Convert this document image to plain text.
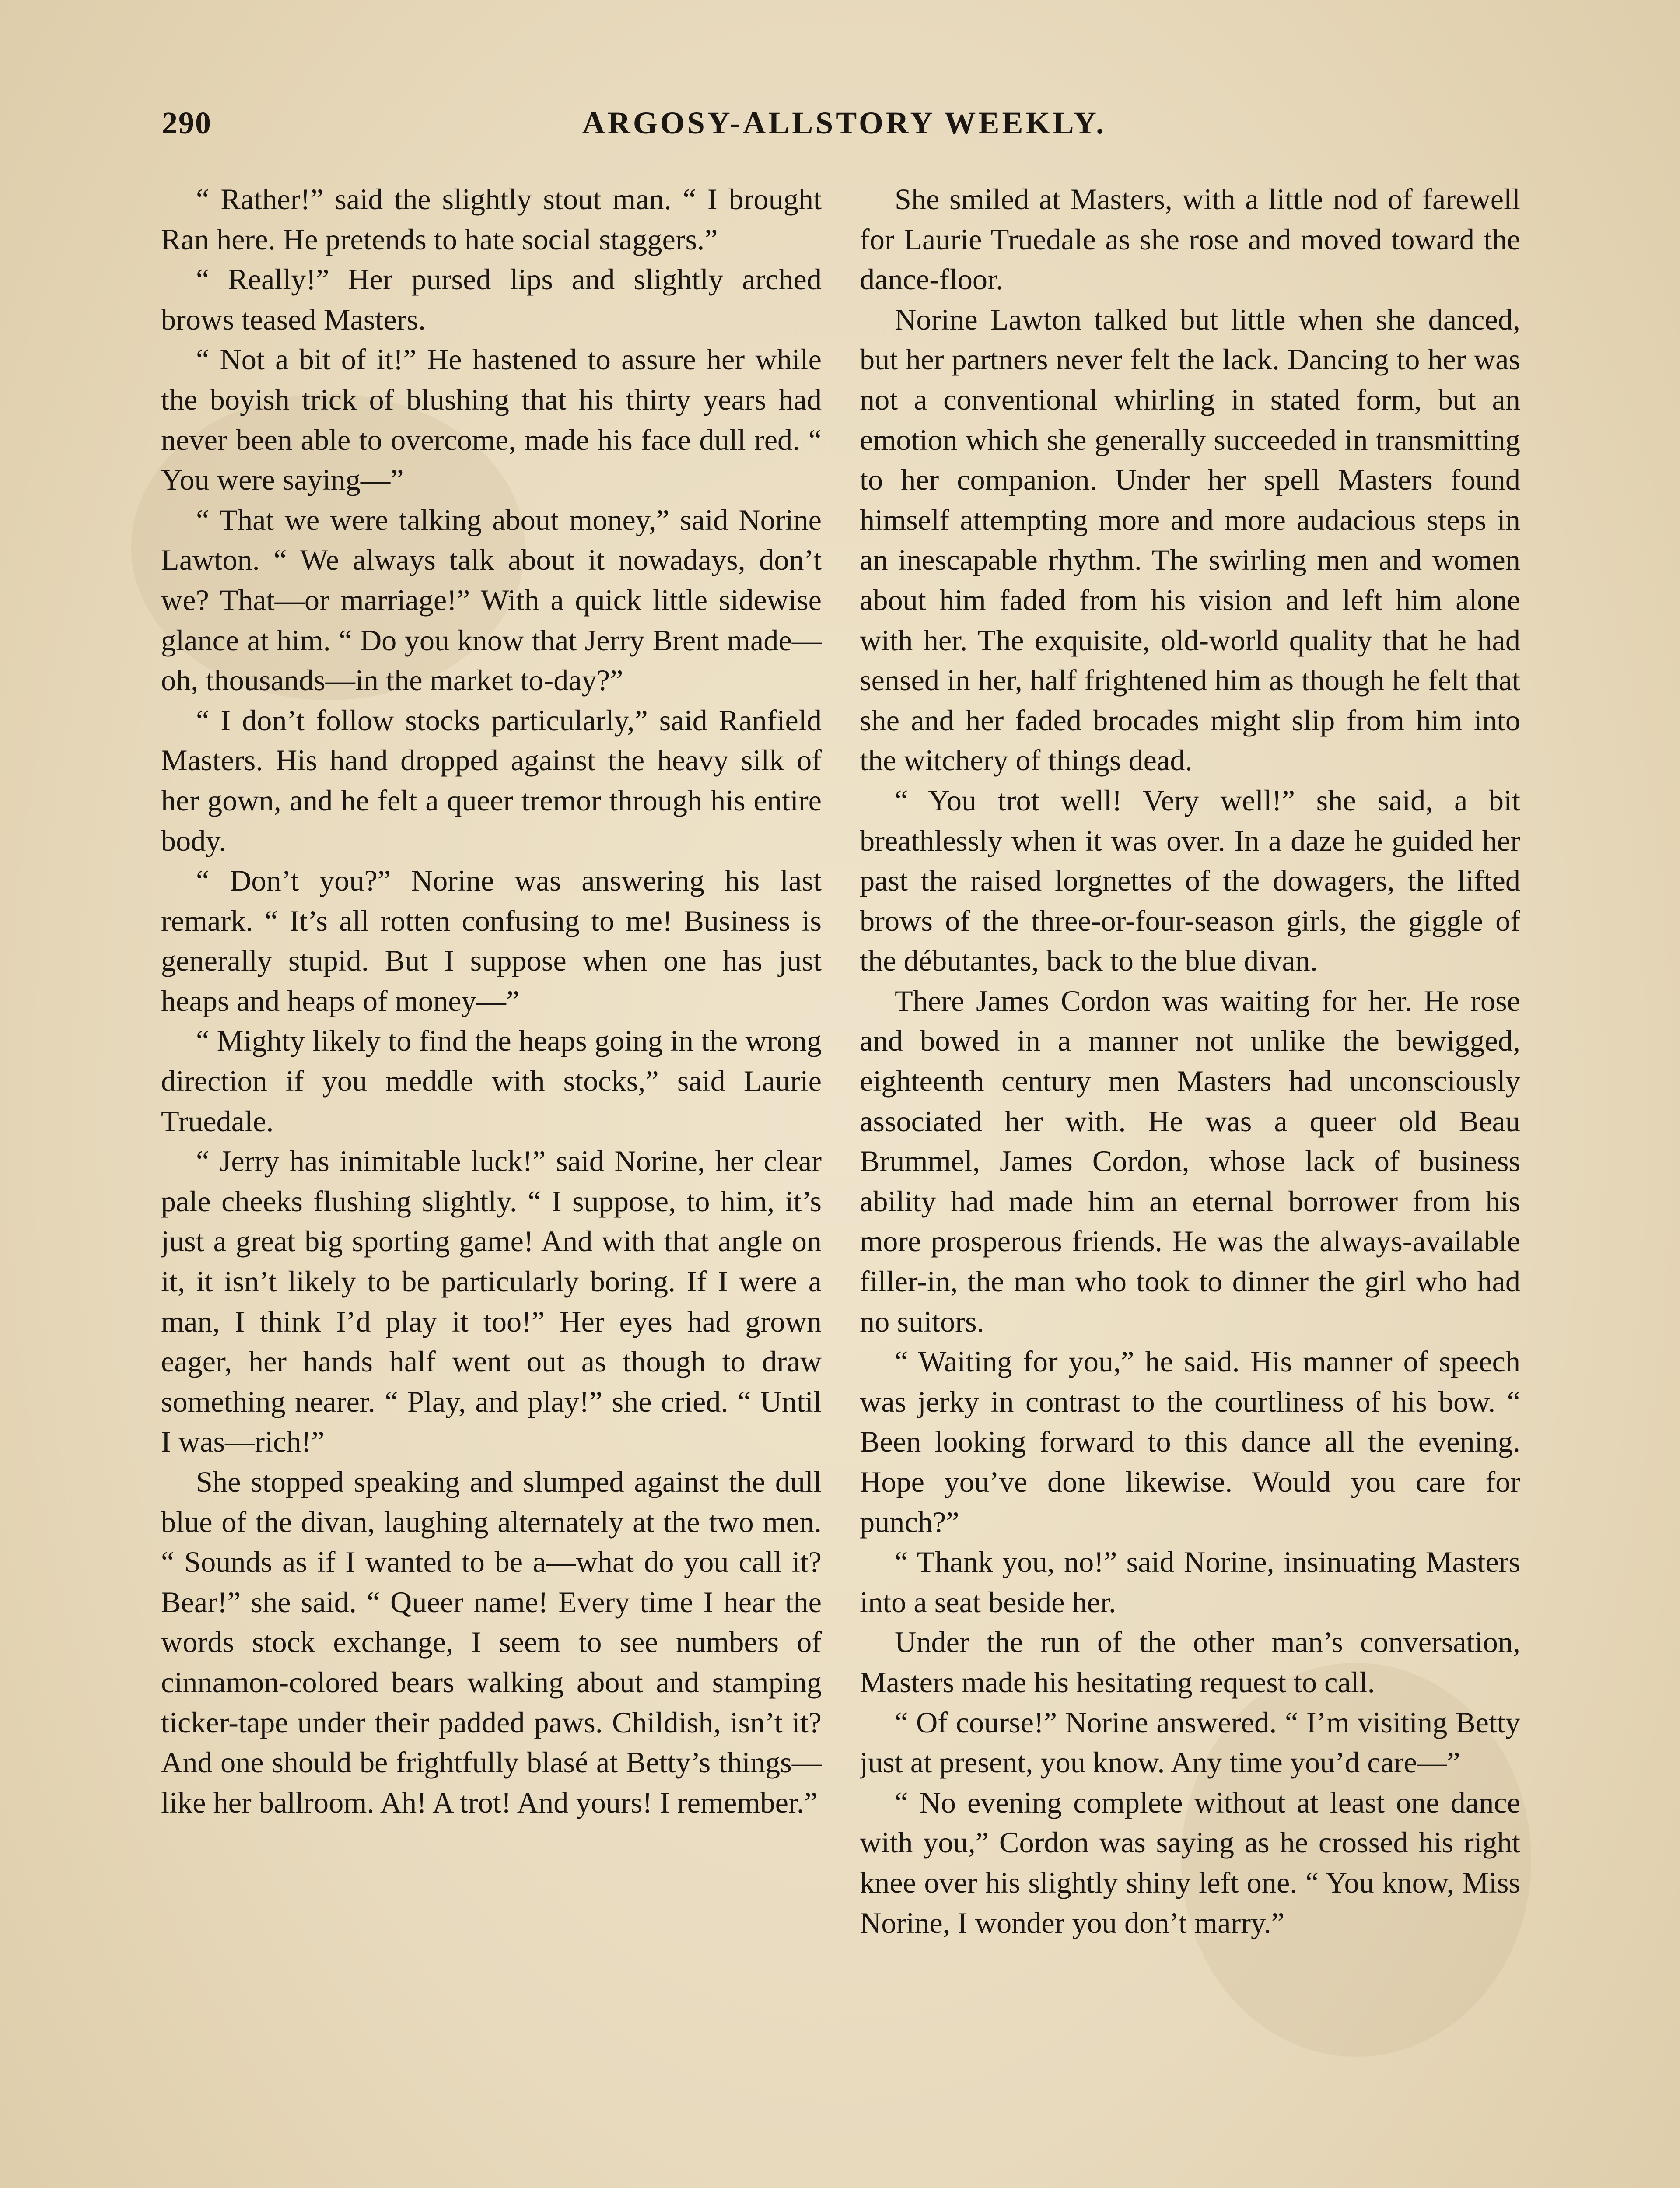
290	ARGOSY-ALLSTORY WEEKLY.

“ Rather!” said the slightly stout man. “ I brought Ran here. He pretends to hate social staggers.”

“ Really!” Her pursed lips and slightly arched brows teased Masters.

“ Not a bit of it!” He hastened to assure her while the boyish trick of blushing that his thirty years had never been able to overcome, made his face dull red. “ You were saying—”

“ That we were talking about money,” said Norine Lawton. “ We always talk about it nowadays, don’t we? That—or marriage!” With a quick little sidewise glance at him. “ Do you know that Jerry Brent made—oh, thousands—in the market to-day?”

“ I don’t follow stocks particularly,” said Ranfield Masters. His hand dropped against the heavy silk of her gown, and he felt a queer tremor through his entire body.

“ Don’t you?” Norine was answering his last remark. “ It’s all rotten confusing to me! Business is generally stupid. But I suppose when one has just heaps and heaps of money—”

“ Mighty likely to find the heaps going in the wrong direction if you meddle with stocks,” said Laurie Truedale.

“ Jerry has inimitable luck!” said Norine, her clear pale cheeks flushing slightly. “ I suppose, to him, it’s just a great big sporting game! And with that angle on it, it isn’t likely to be particularly boring. If I were a man, I think I’d play it too!” Her eyes had grown eager, her hands half went out as though to draw something nearer. “ Play, and play!” she cried. “ Until I was—rich!”

She stopped speaking and slumped against the dull blue of the divan, laughing alternately at the two men. “ Sounds as if I wanted to be a—what do you call it? Bear!” she said. “ Queer name! Every time I hear the words stock exchange, I seem to see numbers of cinnamon-colored bears walking about and stamping ticker-tape under their padded paws. Childish, isn’t it? And one should be frightfully blasé at Betty’s things—like her ballroom. Ah! A trot! And yours! I remember.”

She smiled at Masters, with a little nod of farewell for Laurie Truedale as she rose and moved toward the dance-floor.

Norine Lawton talked but little when she danced, but her partners never felt the lack. Dancing to her was not a conventional whirling in stated form, but an emotion which she generally succeeded in transmitting to her companion. Under her spell Masters found himself attempting more and more audacious steps in an inescapable rhythm. The swirling men and women about him faded from his vision and left him alone with her. The exquisite, old-world quality that he had sensed in her, half frightened him as though he felt that she and her faded brocades might slip from him into the witchery of things dead.

“ You trot well! Very well!” she said, a bit breathlessly when it was over. In a daze he guided her past the raised lorgnettes of the dowagers, the lifted brows of the three-or-four-season girls, the giggle of the débutantes, back to the blue divan.

There James Cordon was waiting for her. He rose and bowed in a manner not unlike the bewigged, eighteenth century men Masters had unconsciously associated her with. He was a queer old Beau Brummel, James Cordon, whose lack of business ability had made him an eternal borrower from his more prosperous friends. He was the always-available filler-in, the man who took to dinner the girl who had no suitors.

“ Waiting for you,” he said. His manner of speech was jerky in contrast to the courtliness of his bow. “ Been looking forward to this dance all the evening. Hope you’ve done likewise. Would you care for punch?”

“ Thank you, no!” said Norine, insinuating Masters into a seat beside her.

Under the run of the other man’s conversation, Masters made his hesitating request to call.

“ Of course!” Norine answered. “ I’m visiting Betty just at present, you know. Any time you’d care—”

“ No evening complete without at least one dance with you,” Cordon was saying as he crossed his right knee over his slightly shiny left one. “ You know, Miss Norine, I wonder you don’t marry.”
